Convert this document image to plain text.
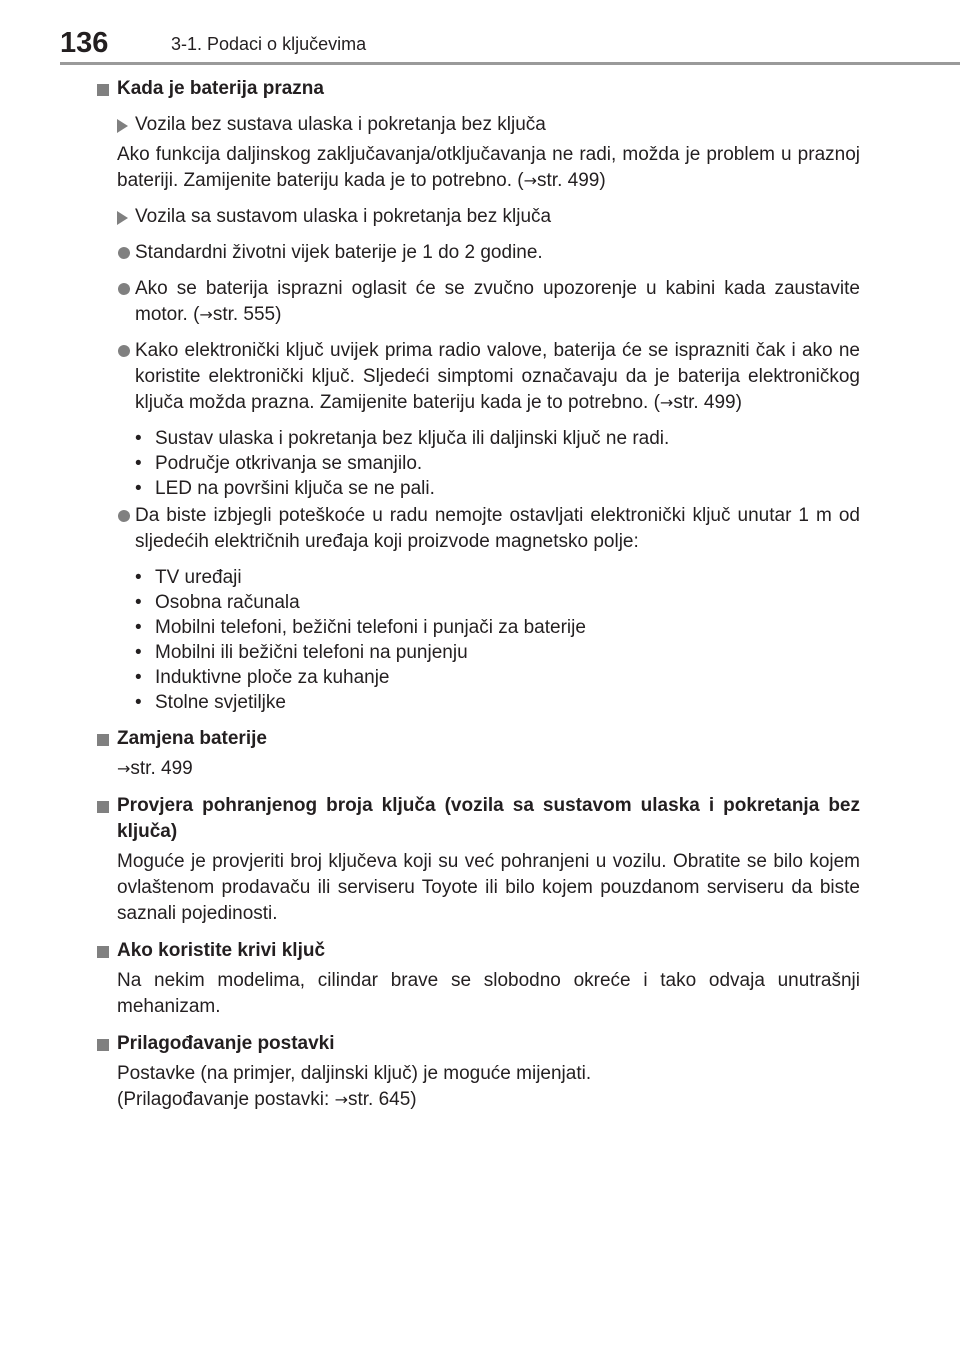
136	3-1. Podaci o ključevima
Kada je baterija prazna
Vozila bez sustava ulaska i pokretanja bez ključa
Ako funkcija daljinskog zaključavanja/otključavanja ne radi, možda je problem u praznoj bateriji. Zamijenite bateriju kada je to potrebno. (→str. 499)
Vozila sa sustavom ulaska i pokretanja bez ključa
Standardni životni vijek baterije je 1 do 2 godine.
Ako se baterija isprazni oglasit će se zvučno upozorenje u kabini kada zaustavite motor. (→str. 555)
Kako elektronički ključ uvijek prima radio valove, baterija će se isprazniti čak i ako ne koristite elektronički ključ. Sljedeći simptomi označavaju da je baterija elektroničkog ključa možda prazna. Zamijenite bateriju kada je to potrebno. (→str. 499)
• Sustav ulaska i pokretanja bez ključa ili daljinski ključ ne radi.
• Područje otkrivanja se smanjilo.
• LED na površini ključa se ne pali.
Da biste izbjegli poteškoće u radu nemojte ostavljati elektronički ključ unutar 1 m od sljedećih električnih uređaja koji proizvode magnetsko polje:
• TV uređaji
• Osobna računala
• Mobilni telefoni, bežični telefoni i punjači za baterije
• Mobilni ili bežični telefoni na punjenju
• Induktivne ploče za kuhanje
• Stolne svjetiljke
Zamjena baterije
→str. 499
Provjera pohranjenog broja ključa (vozila sa sustavom ulaska i pokretanja bez ključa)
Moguće je provjeriti broj ključeva koji su već pohranjeni u vozilu. Obratite se bilo kojem ovlaštenom prodavaču ili serviseru Toyote ili bilo kojem pouzdanom serviseru da biste saznali pojedinosti.
Ako koristite krivi ključ
Na nekim modelima, cilindar brave se slobodno okreće i tako odvaja unutrašnji mehanizam.
Prilagođavanje postavki
Postavke (na primjer, daljinski ključ) je moguće mijenjati.
(Prilagođavanje postavki: →str. 645)
